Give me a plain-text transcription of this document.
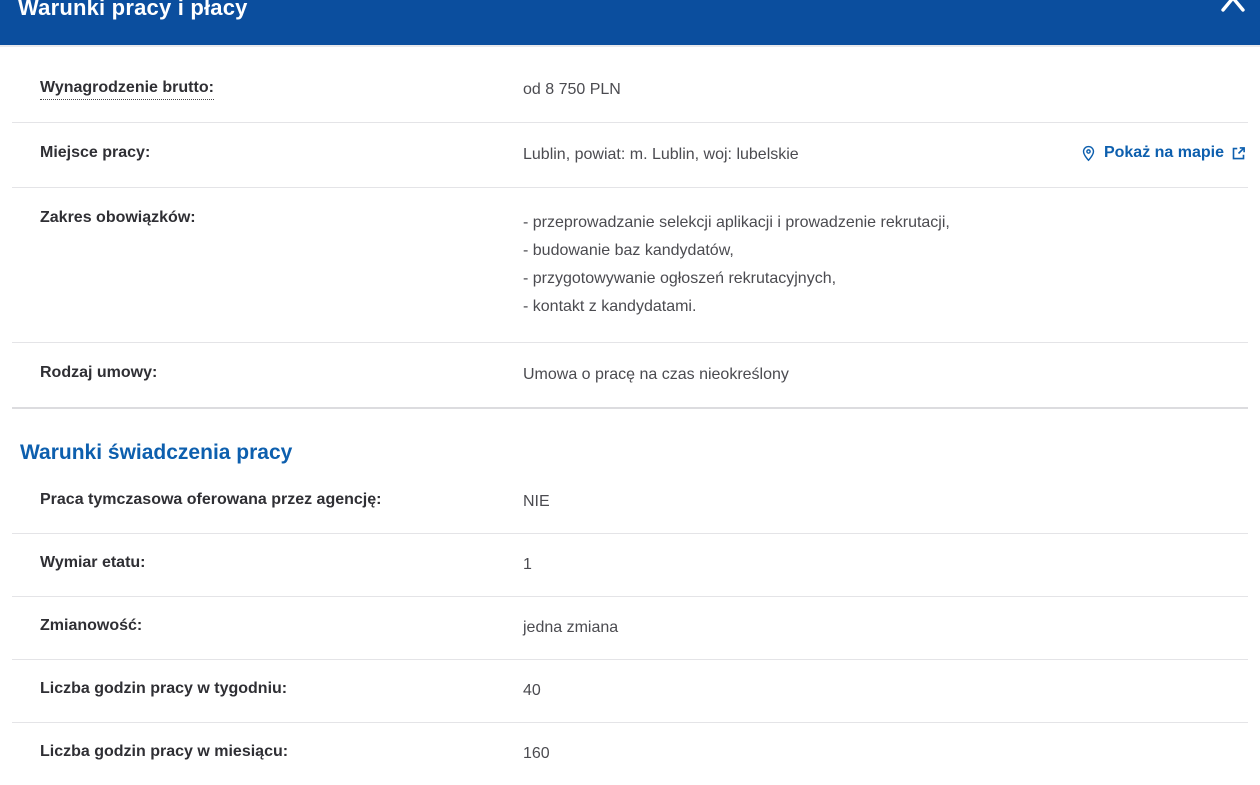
Warunki pracy i płacy
Wynagrodzenie brutto:	od 8 750 PLN
Miejsce pracy:	Lublin, powiat: m. Lublin, woj: lubelskie	Pokaż na mapie
Zakres obowiązków:	- przeprowadzanie selekcji aplikacji i prowadzenie rekrutacji,
- budowanie baz kandydatów,
- przygotowywanie ogłoszeń rekrutacyjnych,
- kontakt z kandydatami.
Rodzaj umowy:	Umowa o pracę na czas nieokreślony
Warunki świadczenia pracy
Praca tymczasowa oferowana przez agencję:	NIE
Wymiar etatu:	1
Zmianowość:	jedna zmiana
Liczba godzin pracy w tygodniu:	40
Liczba godzin pracy w miesiącu:	160
